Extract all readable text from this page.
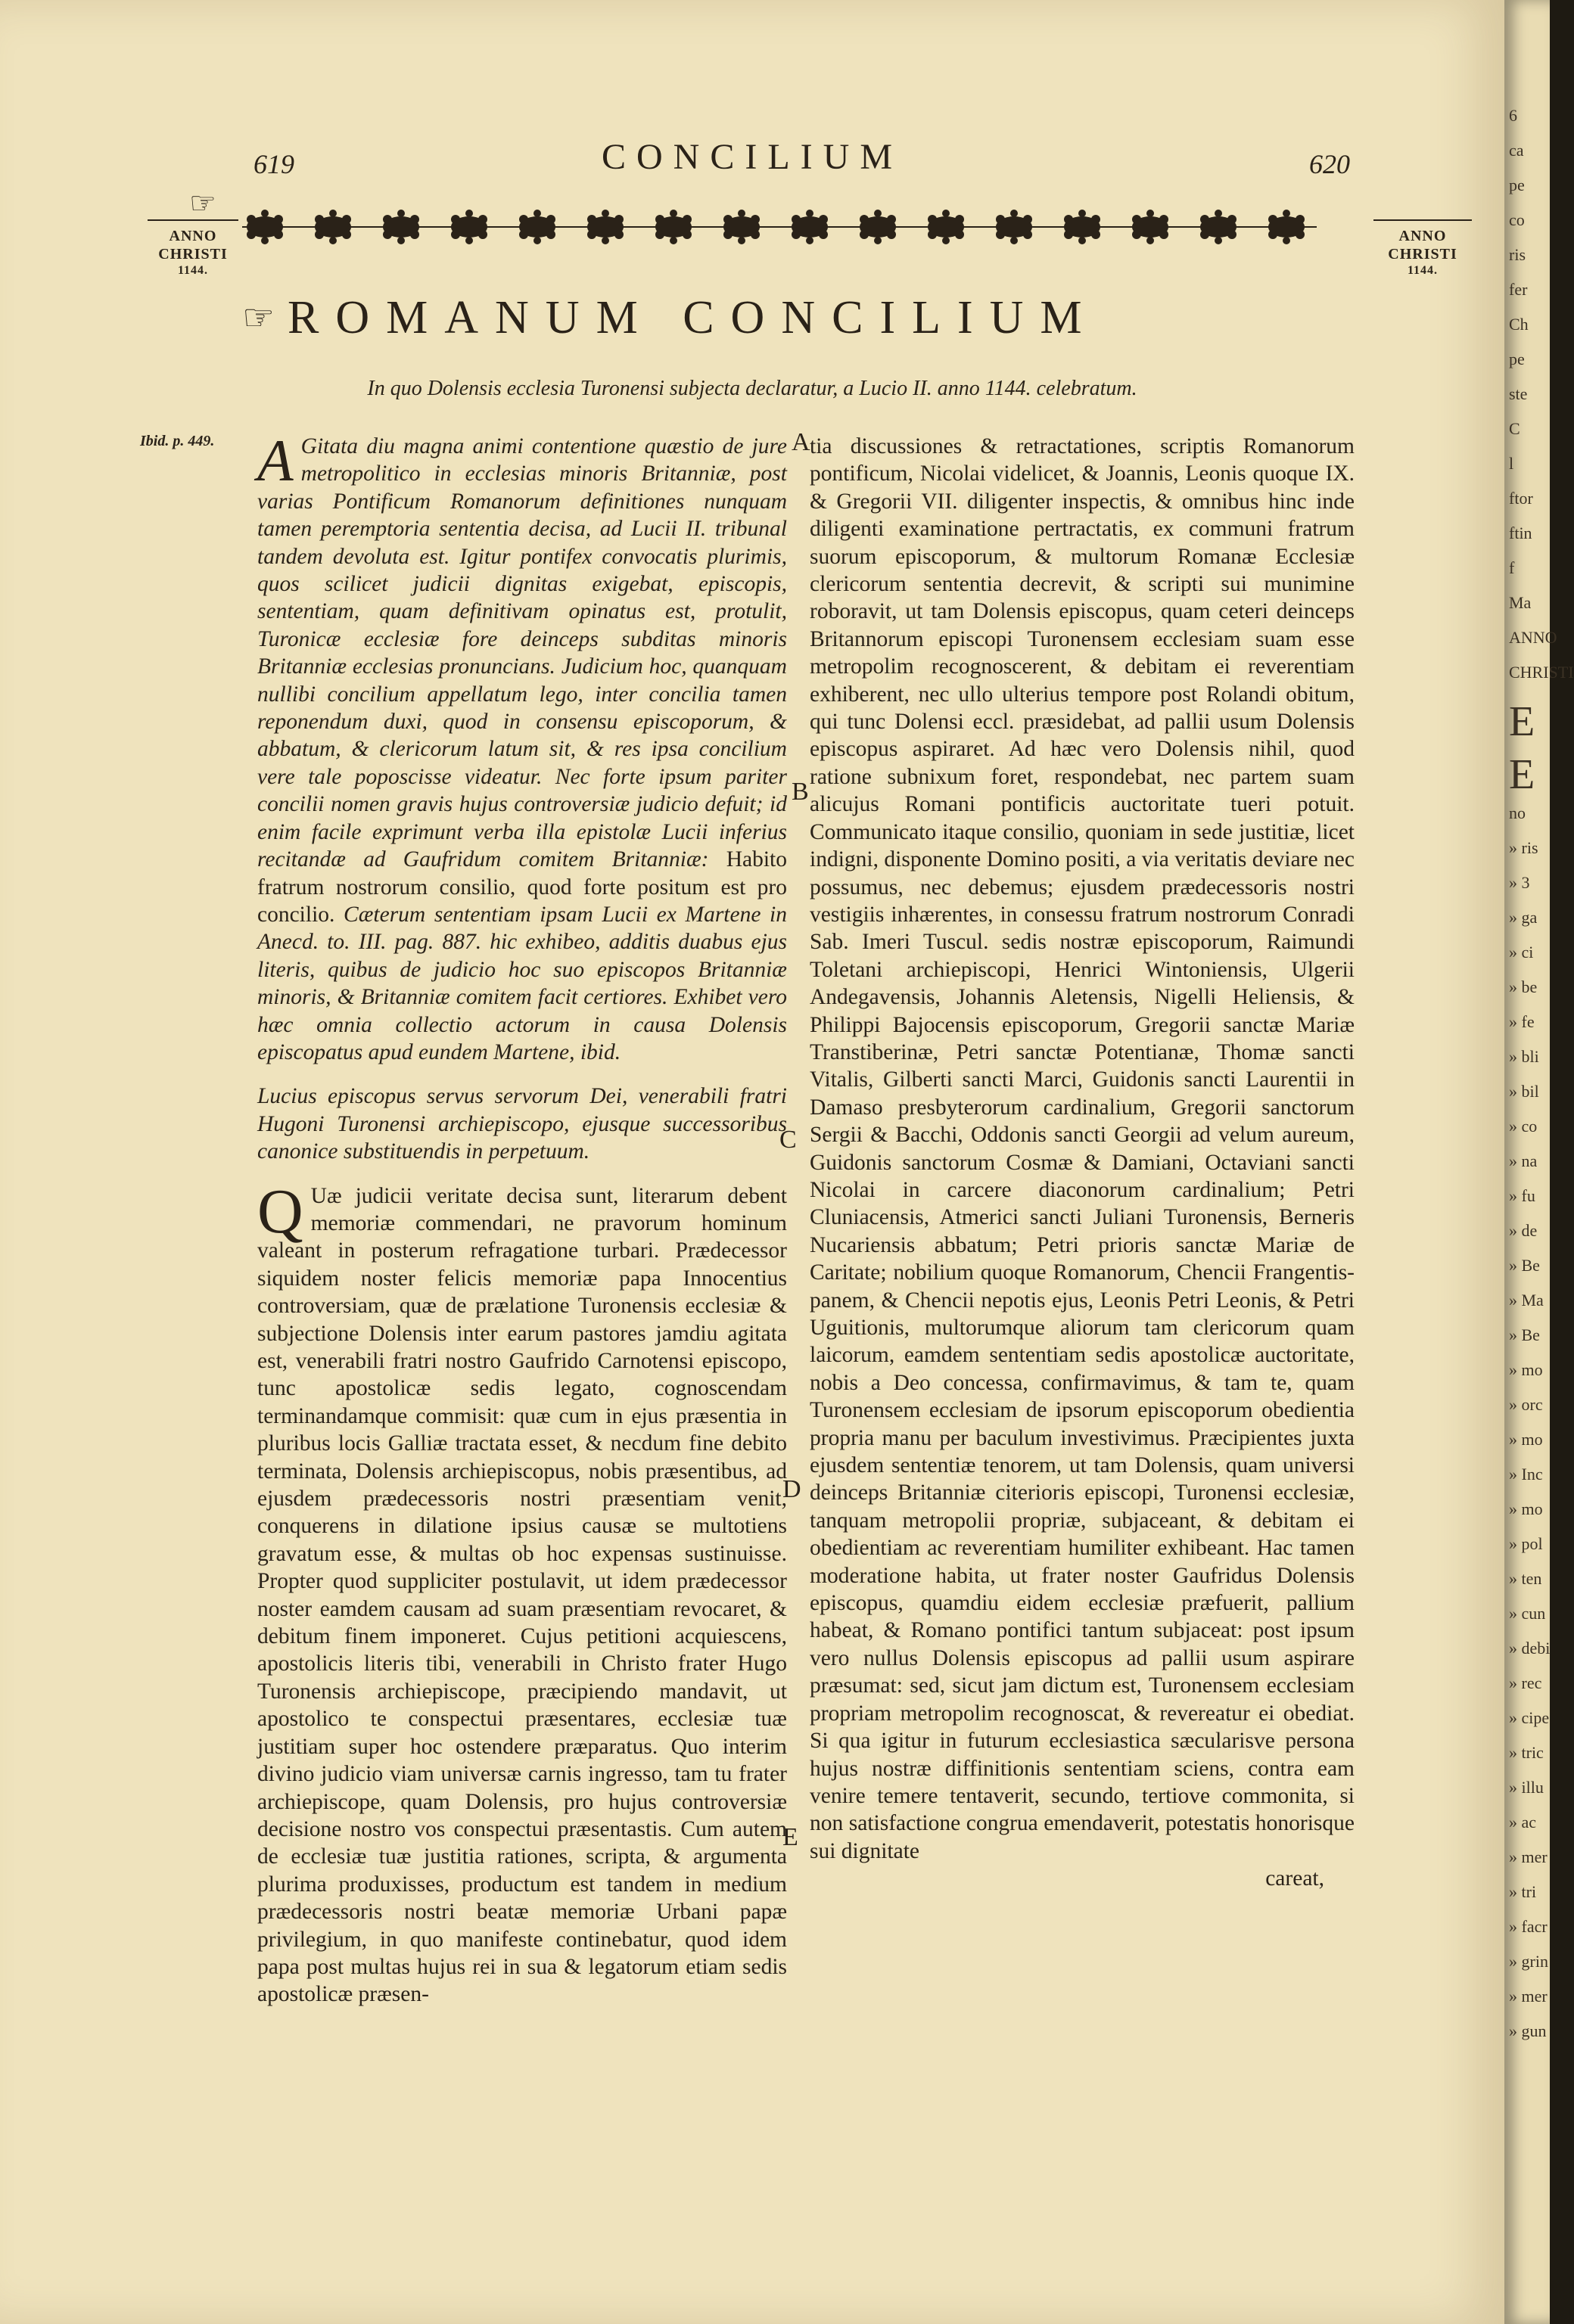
619	CONCILIUM	620
☞
ANNO
CHRISTI
1144.
ANNO
CHRISTI
1144.
☞ ROMANUM CONCILIUM
In quo Dolensis ecclesia Turonensi subjecta declaratur, a Lucio II. anno 1144. celebratum.
Ibid. p. 449.	A
B
C
D
E

A Gitata diu magna animi contentione quæstio de jure metropolitico in ecclesias minoris Britanniæ, post varias Pontificum Romanorum definitiones nunquam tamen peremptoria sententia decisa, ad Lucii II. tribunal tandem devoluta est. Igitur pontifex convocatis plurimis, quos scilicet judicii dignitas exigebat, episcopis, sententiam, quam definitivam opinatus est, protulit, Turonicæ ecclesiæ fore deinceps subditas minoris Britanniæ ecclesias pronuncians. Judicium hoc, quanquam nullibi concilium appellatum lego, inter concilia tamen reponendum duxi, quod in consensu episcoporum, & abbatum, & clericorum latum sit, & res ipsa concilium vere tale poposcisse videatur. Nec forte ipsum pariter concilii nomen gravis hujus controversiæ judicio defuit; id enim facile exprimunt verba illa epistolæ Lucii inferius recitandæ ad Gaufridum comitem Britanniæ: Habito fratrum nostrorum consilio, quod forte positum est pro concilio. Cæterum sententiam ipsam Lucii ex Martene in Anecd. to. III. pag. 887. hic exhibeo, additis duabus ejus literis, quibus de judicio hoc suo episcopos Britanniæ minoris, & Britanniæ comitem facit certiores. Exhibet vero hæc omnia collectio actorum in causa Dolensis episcopatus apud eundem Martene, ibid.

Lucius episcopus servus servorum Dei, venerabili fratri Hugoni Turonensi archiepiscopo, ejusque successoribus canonice substituendis in perpetuum.

Q Uæ judicii veritate decisa sunt, literarum debent memoriæ commendari, ne pravorum hominum valeant in posterum refragatione turbari. Prædecessor siquidem noster felicis memoriæ papa Innocentius controversiam, quæ de prælatione Turonensis ecclesiæ & subjectione Dolensis inter earum pastores jamdiu agitata est, venerabili fratri nostro Gaufrido Carnotensi episcopo, tunc apostolicæ sedis legato, cognoscendam terminandamque commisit: quæ cum in ejus præsentia in pluribus locis Galliæ tractata esset, & necdum fine debito terminata, Dolensis archiepiscopus, nobis præsentibus, ad ejusdem prædecessoris nostri præsentiam venit, conquerens in dilatione ipsius causæ se multotiens gravatum esse, & multas ob hoc expensas sustinuisse. Propter quod suppliciter postulavit, ut idem prædecessor noster eamdem causam ad suam præsentiam revocaret, & debitum finem imponeret. Cujus petitioni acquiescens, apostolicis literis tibi, venerabili in Christo frater Hugo Turonensis archiepiscope, præcipiendo mandavit, ut apostolico te conspectui præsentares, ecclesiæ tuæ justitiam super hoc ostendere præparatus. Quo interim divino judicio viam universæ carnis ingresso, tam tu frater archiepiscope, quam Dolensis, pro hujus controversiæ decisione nostro vos conspectui præsentastis. Cum autem de ecclesiæ tuæ justitia rationes, scripta, & argumenta plurima produxisses, productum est tandem in medium prædecessoris nostri beatæ memoriæ Urbani papæ privilegium, in quo manifeste continebatur, quod idem papa post multas hujus rei in sua & legatorum etiam sedis apostolicæ præsen-

tia discussiones & retractationes, scriptis Romanorum pontificum, Nicolai videlicet, & Joannis, Leonis quoque IX. & Gregorii VII. diligenter inspectis, & omnibus hinc inde diligenti examinatione pertractatis, ex communi fratrum suorum episcoporum, & multorum Romanæ Ecclesiæ clericorum sententia decrevit, & scripti sui munimine roboravit, ut tam Dolensis episcopus, quam ceteri deinceps Britannorum episcopi Turonensem ecclesiam suam esse metropolim recognoscerent, & debitam ei reverentiam exhiberent, nec ullo ulterius tempore post Rolandi obitum, qui tunc Dolensi eccl. præsidebat, ad pallii usum Dolensis episcopus aspiraret. Ad hæc vero Dolensis nihil, quod ratione subnixum foret, respondebat, nec partem suam alicujus Romani pontificis auctoritate tueri potuit. Communicato itaque consilio, quoniam in sede justitiæ, licet indigni, disponente Domino positi, a via veritatis deviare nec possumus, nec debemus; ejusdem prædecessoris nostri vestigiis inhærentes, in consessu fratrum nostrorum Conradi Sab. Imeri Tuscul. sedis nostræ episcoporum, Raimundi Toletani archiepiscopi, Henrici Wintoniensis, Ulgerii Andegavensis, Johannis Aletensis, Nigelli Heliensis, & Philippi Bajocensis episcoporum, Gregorii sanctæ Mariæ Transtiberinæ, Petri sanctæ Potentianæ, Thomæ sancti Vitalis, Gilberti sancti Marci, Guidonis sancti Laurentii in Damaso presbyterorum cardinalium, Gregorii sanctorum Sergii & Bacchi, Oddonis sancti Georgii ad velum aureum, Guidonis sanctorum Cosmæ & Damiani, Octaviani sancti Nicolai in carcere diaconorum cardinalium; Petri Cluniacensis, Atmerici sancti Juliani Turonensis, Berneris Nucariensis abbatum; Petri prioris sanctæ Mariæ de Caritate; nobilium quoque Romanorum, Chencii Frangentis-panem, & Chencii nepotis ejus, Leonis Petri Leonis, & Petri Uguitionis, multorumque aliorum tam clericorum quam laicorum, eamdem sententiam sedis apostolicæ auctoritate, nobis a Deo concessa, confirmavimus, & tam te, quam Turonensem ecclesiam de ipsorum episcoporum obedientia propria manu per baculum investivimus. Præcipientes juxta ejusdem sententiæ tenorem, ut tam Dolensis, quam universi deinceps Britanniæ citerioris episcopi, Turonensi ecclesiæ, tanquam metropolii propriæ, subjaceant, & debitam ei obedientiam ac reverentiam humiliter exhibeant. Hac tamen moderatione habita, ut frater noster Gaufridus Dolensis episcopus, quamdiu eidem ecclesiæ præfuerit, pallium habeat, & Romano pontifici tantum subjaceat: post ipsum vero nullus Dolensis episcopus ad pallii usum aspirare præsumat: sed, sicut jam dictum est, Turonensem ecclesiam propriam metropolim recognoscat, & revereatur ei obediat. Si qua igitur in futurum ecclesiastica sæcularisve persona hujus nostræ diffinitionis sententiam sciens, contra eam venire temere tentaverit, secundo, tertiove commonita, si non satisfactione congrua emendaverit, potestatis honorisque sui dignitate

careat,

6
ca
pe
co
ris
fer
Ch
pe
ste
C
l
ftor
ftin
f
Ma
ANNO
CHRISTI
E
E
no
» ris
» 3
» ga
» ci
» be
» fe
» bli
» bil
» co
» na
» fu
» de
» Be
» Ma
» Be
» mo
» orc
» mo
» Inc
» mo
» pol
» ten
» cun
» debi
» rec
» cipe
» tric
» illu
» ac
» mer
» tri
» facr
» grin
» mer
» gun
